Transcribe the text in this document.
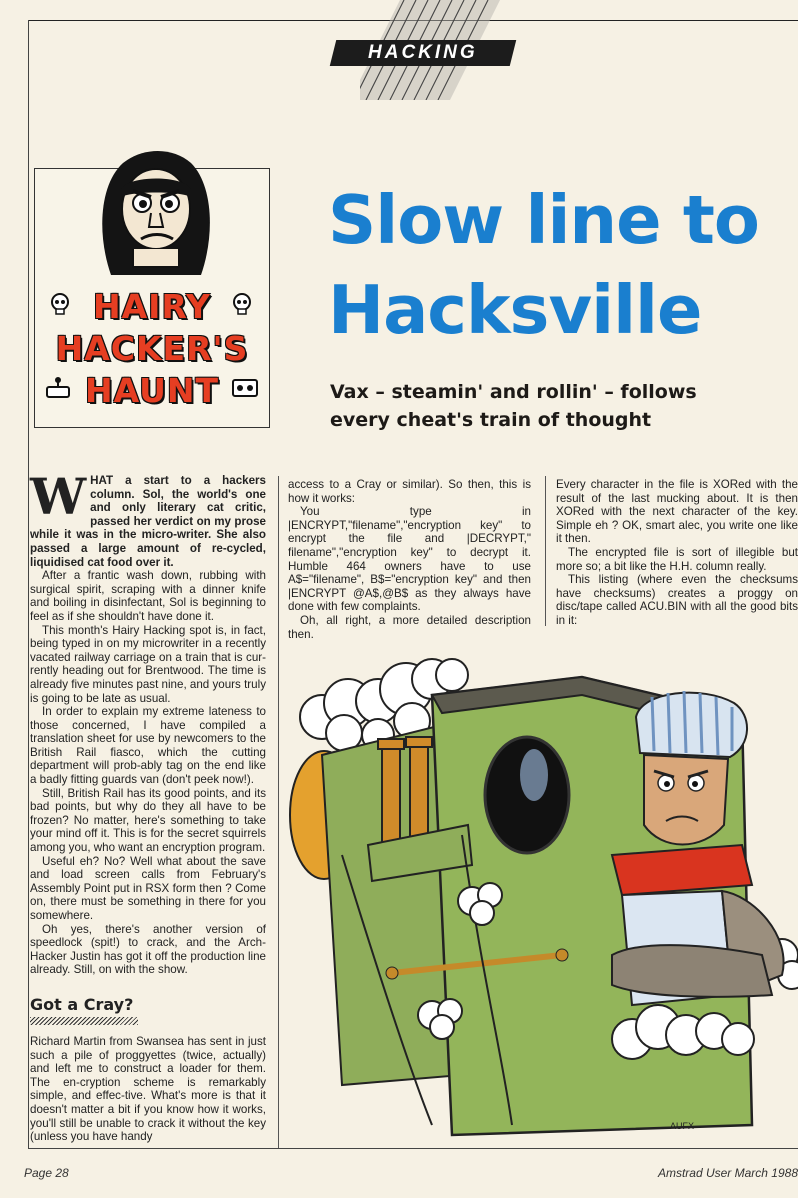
HACKING
HAIRY
HACKER'S
HAUNT
Slow line to
Hacksville
Vax – steamin' and rollin' – follows
every cheat's train of thought

WHAT a start to a hackers column. Sol, the world's one and only literary cat critic, passed her verdict on my prose while it was in the micro-writer. She also passed a large amount of re-cycled, liquidised cat food over it.

After a frantic wash down, rubbing with surgical spirit, scraping with a dinner knife and boiling in disinfectant, Sol is beginning to feel as if she shouldn't have done it.

This month's Hairy Hacking spot is, in fact, being typed in on my microwriter in a recently vacated railway carriage on a train that is cur-rently heading out for Brentwood. The time is already five minutes past nine, and yours truly is going to be late as usual.

In order to explain my extreme lateness to those concerned, I have compiled a translation sheet for use by newcomers to the British Rail fiasco, which the cutting department will prob-ably tag on the end like a badly fitting guards van (don't peek now!).

Still, British Rail has its good points, and its bad points, but why do they all have to be frozen? No matter, here's something to take your mind off it. This is for the secret squirrels among you, who want an encryption program.

Useful eh? No? Well what about the save and load screen calls from February's Assembly Point put in RSX form then ? Come on, there must be something in there for you somewhere.

Oh yes, there's another version of speedlock (spit!) to crack, and the Arch-Hacker Justin has got it off the production line already. Still, on with the show.

Got a Cray?

Richard Martin from Swansea has sent in just such a pile of proggyettes (twice, actually) and left me to construct a loader for them. The en-cryption scheme is remarkably simple, and effec-tive. What's more is that it doesn't matter a bit if you know how it works, you'll still be unable to crack it without the key (unless you have handy

access to a Cray or similar). So then, this is how it works:

You type in |ENCRYPT,"filename","encryption key" to encrypt the file and |DECRYPT," filename","encryption key" to decrypt it. Humble 464 owners have to use A$="filename", B$="encryption key" and then |ENCRYPT @A$,@B$ as they always have done with few complaints.

Oh, all right, a more detailed description then.

Every character in the file is XORed with the result of the last mucking about. It is then XORed with the next character of the key. Simple eh ? OK, smart alec, you write one like it then.

The encrypted file is sort of illegible but more so; a bit like the H.H. column really.

This listing (where even the checksums have checksums) creates a proggy on disc/tape called ACU.BIN with all the good bits in it:

AUFX
Page 28	Amstrad User March 1988
